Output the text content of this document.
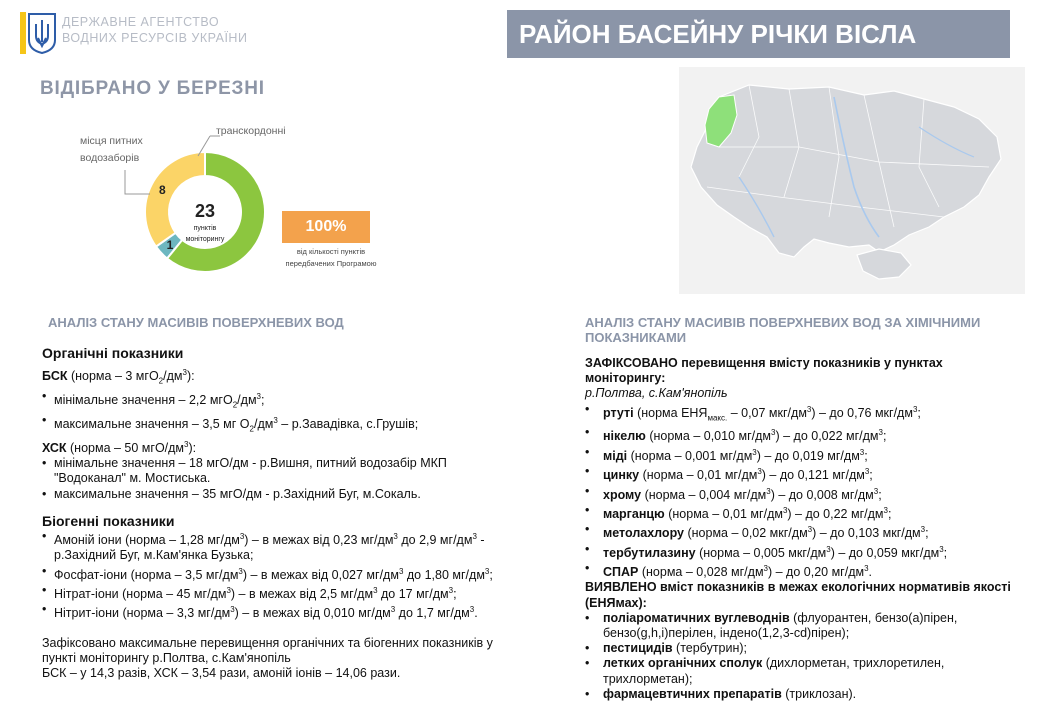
ДЕРЖАВНЕ АГЕНТСТВО
ВОДНИХ РЕСУРСІВ УКРАЇНИ	РАЙОН БАСЕЙНУ РІЧКИ ВІСЛА
ВІДІБРАНО У БЕРЕЗНІ
1
8
23
пунктів
моніторингу
місця питних
водозаборів
транскордонні
100%
від кількості пунктів
передбачених Програмою
АНАЛІЗ СТАНУ МАСИВІВ ПОВЕРХНЕВИХ ВОД

Органічні показники

БСК (норма – 3 $мгО_2/дм^3$):

• мінімальне значення – 2,2 $мгО_2/дм^3$;

• максимальне значення – 3,5 мг $О_2/дм^3$ – р.Завадівка, с.Грушів;

ХСК (норма – 50 мгО/$дм^3$):

• мінімальне значення – 18 мгО/дм - р.Вишня, питний водозабір МКП "Водоканал" м. Мостиська.

• максимальне значення – 35 мгО/дм - р.Західний Буг, м.Сокаль.

Біогенні показники

• Амоній іони (норма – 1,28 $мг/дм^3$) – в межах від 0,23 $мг/дм^3$ до 2,9 $мг/дм^3$ - р.Західний Буг, м.Кам'янка Бузька;

• Фосфат-іони (норма – 3,5 $мг/дм^3$) – в межах від 0,027 $мг/дм^3$ до 1,80 $мг/дм^3$;

• Нітрат-іони (норма – 45 $мг/дм^3$) – в межах від 2,5 $мг/дм^3$ до 17 $мг/дм^3$;

• Нітрит-іони (норма – 3,3 $мг/дм^3$) – в межах від 0,010 $мг/дм^3$ до 1,7 $мг/дм^3$.

Зафіксовано максимальне перевищення органічних та біогенних показників у пункті моніторингу р.Полтва, с.Кам'янопіль

БСК – у 14,3 разів, ХСК – 3,54 рази, амоній іонів – 14,06 рази.

АНАЛІЗ СТАНУ МАСИВІВ ПОВЕРХНЕВИХ ВОД ЗА ХІМІЧНИМИ ПОКАЗНИКАМИ

ЗАФІКСОВАНО перевищення вмісту показників у пунктах моніторингу:

р.Полтва, с.Кам'янопіль

• ртуті (норма $ЕНЯ_{макс.} - 0,07$ мкг/$дм^3$) – до 0,76 мкг/$дм^3$;

• нікелю (норма – 0,010 $мг/дм^3$) – до 0,022 $мг/дм^3$;

• міді (норма – 0,001 $мг/дм^3$) – до 0,019 $мг/дм^3$;

• цинку (норма – 0,01 $мг/дм^3$) – до 0,121 $мг/дм^3$;

• хрому (норма – 0,004 $мг/дм^3$) – до 0,008 $мг/дм^3$;

• марганцю (норма – 0,01 $мг/дм^3$) – до 0,22 $мг/дм^3$;

• метолахлору (норма – 0,02 мкг/$дм^3$) – до 0,103 мкг/$дм^3$;

• тербутилазину (норма – 0,005 мкг/$дм^3$) – до 0,059 мкг/$дм^3$;

• СПАР (норма – 0,028 $мг/дм^3$) – до 0,20 $мг/дм^3$.

ВИЯВЛЕНО вміст показників в межах екологічних нормативів якості (ЕНЯмах):

• поліароматичних вуглеводнів (флуорантен, бензо(а)пірен, бензо(g,h,i)перілен, індено(1,2,3-cd)пірен);

• пестицидів (тербутрин);

• летких органічних сполук (дихлорметан, трихлоретилен, трихлорметан);

• фармацевтичних препаратів (триклозан).
